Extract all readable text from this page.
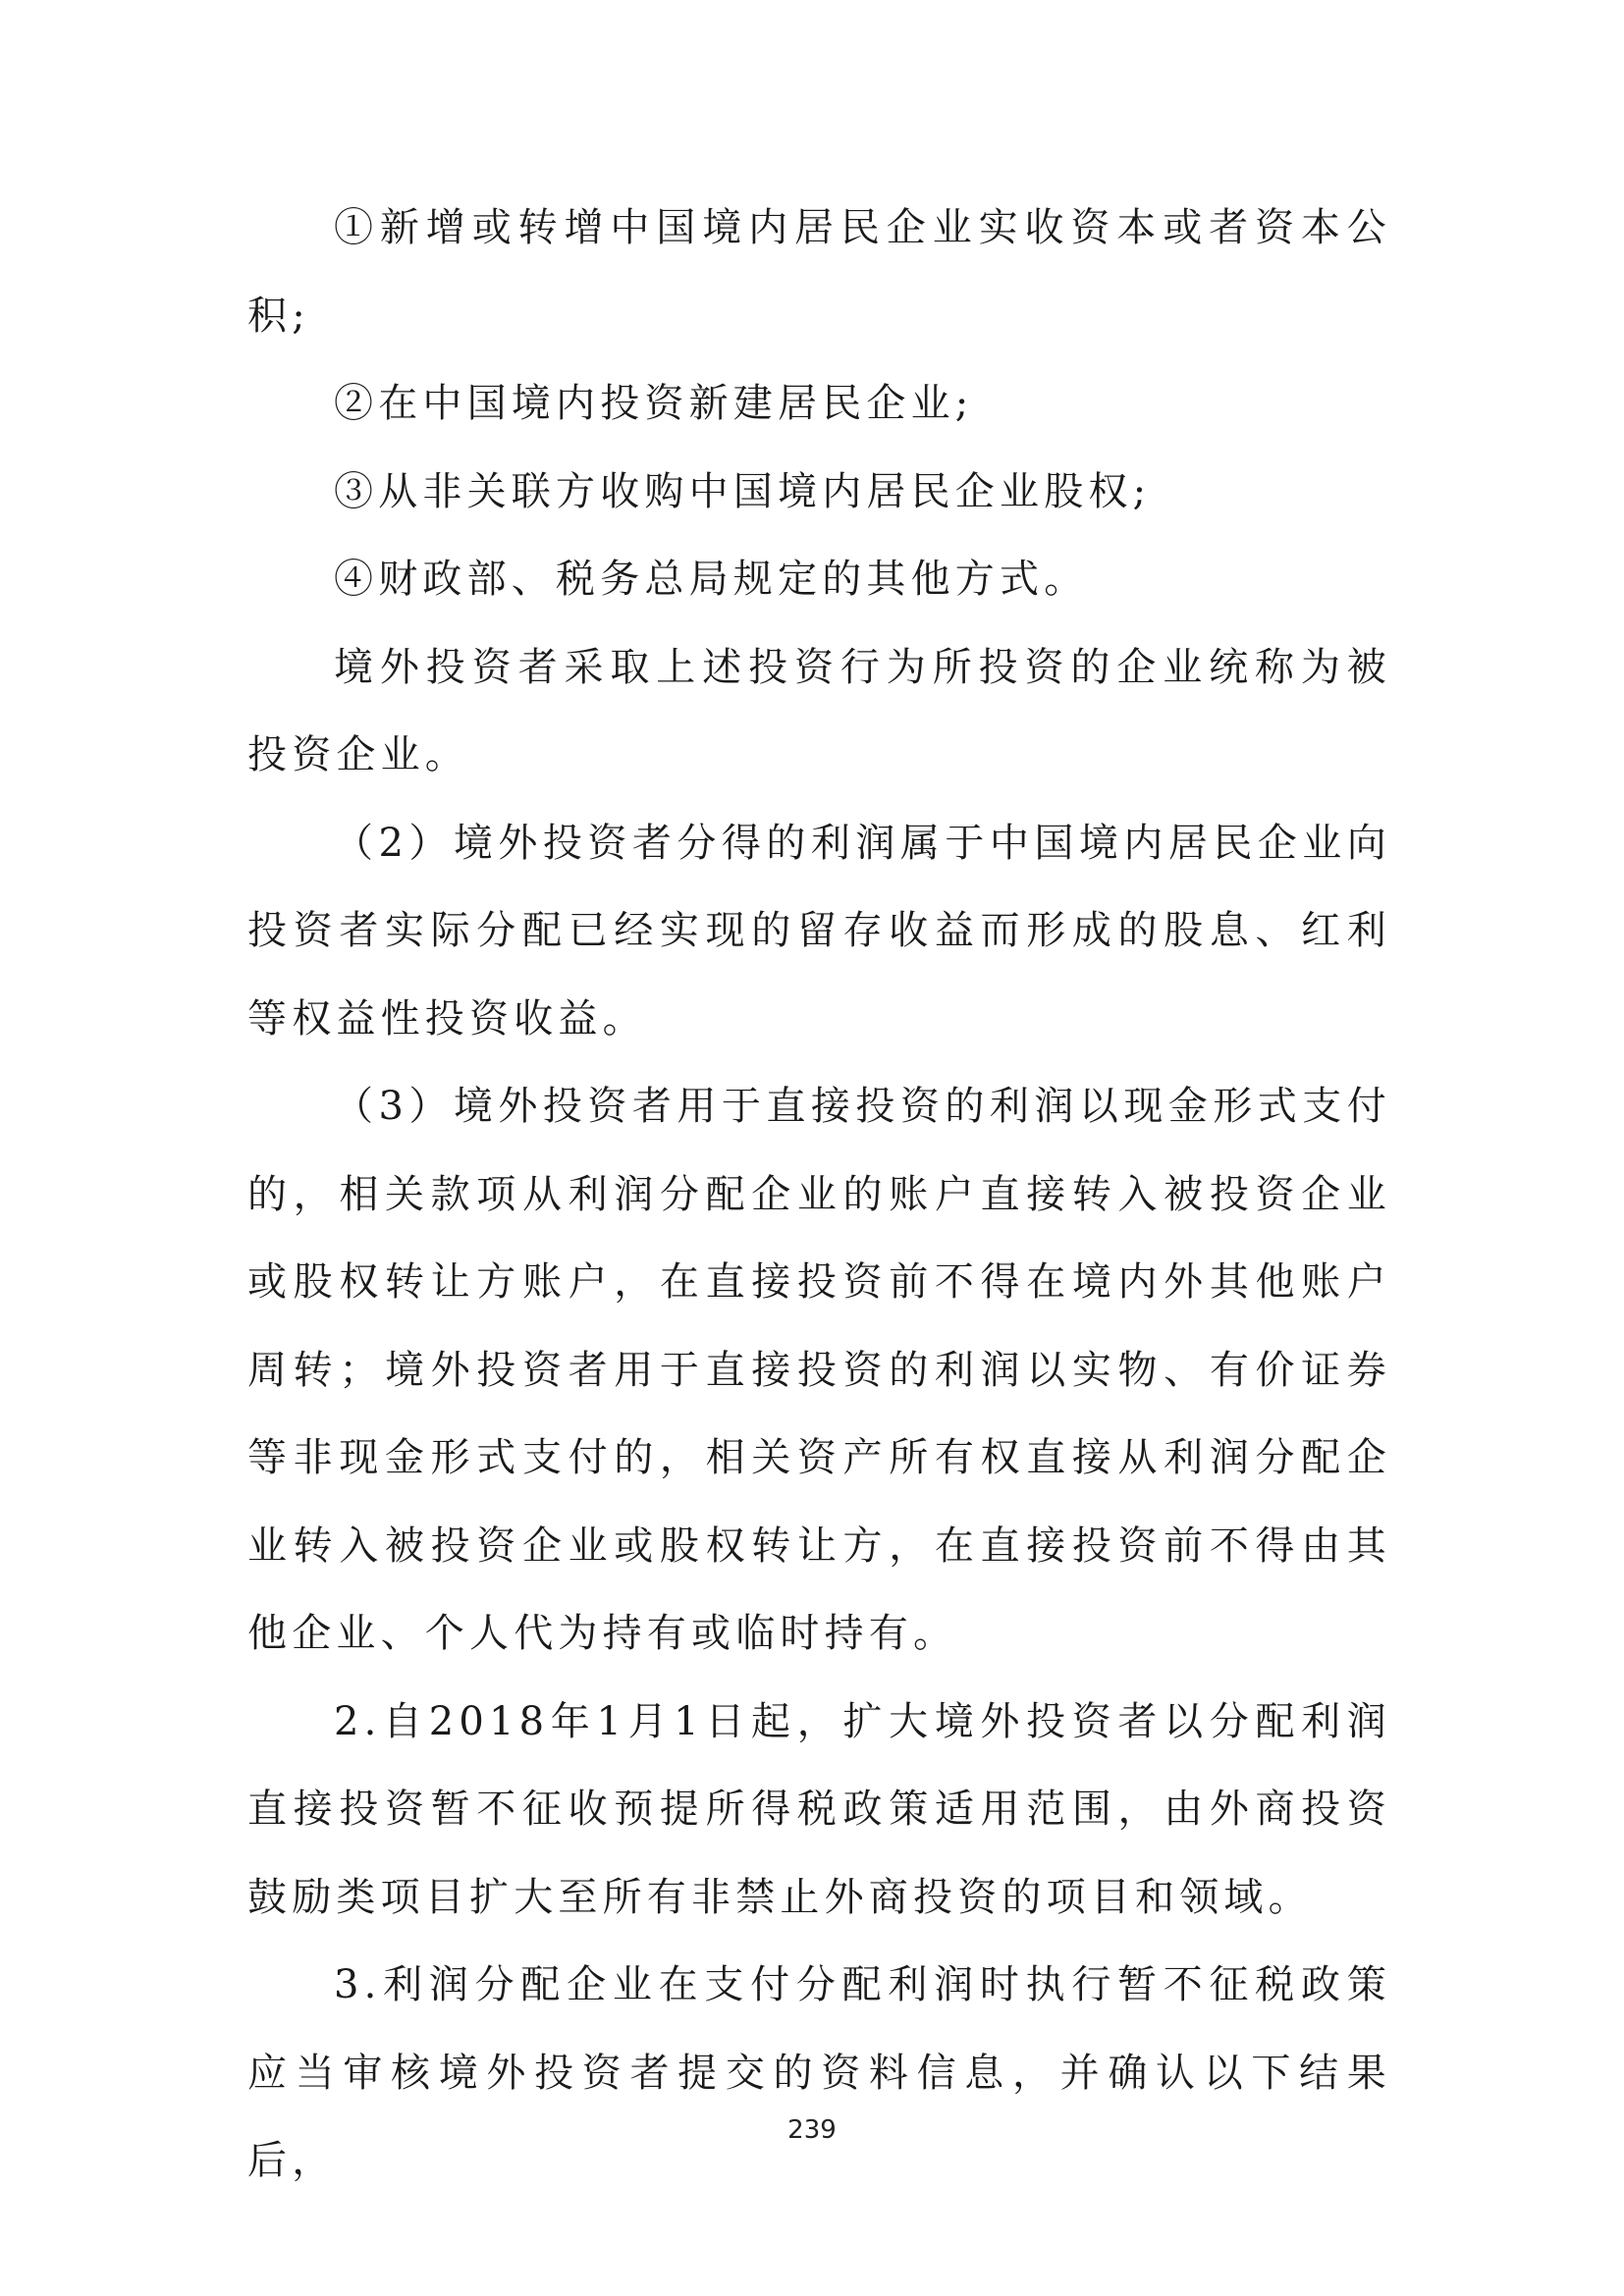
①新增或转增中国境内居民企业实收资本或者资本公积;

②在中国境内投资新建居民企业;

③从非关联方收购中国境内居民企业股权;

④财政部、税务总局规定的其他方式。

境外投资者采取上述投资行为所投资的企业统称为被投资企业。

（2）境外投资者分得的利润属于中国境内居民企业向投资者实际分配已经实现的留存收益而形成的股息、红利等权益性投资收益。

（3）境外投资者用于直接投资的利润以现金形式支付的，相关款项从利润分配企业的账户直接转入被投资企业或股权转让方账户，在直接投资前不得在境内外其他账户周转；境外投资者用于直接投资的利润以实物、有价证券等非现金形式支付的，相关资产所有权直接从利润分配企业转入被投资企业或股权转让方，在直接投资前不得由其他企业、个人代为持有或临时持有。

2.自2018年1月1日起，扩大境外投资者以分配利润直接投资暂不征收预提所得税政策适用范围，由外商投资鼓励类项目扩大至所有非禁止外商投资的项目和领域。

3.利润分配企业在支付分配利润时执行暂不征税政策应当审核境外投资者提交的资料信息，并确认以下结果后，

239
